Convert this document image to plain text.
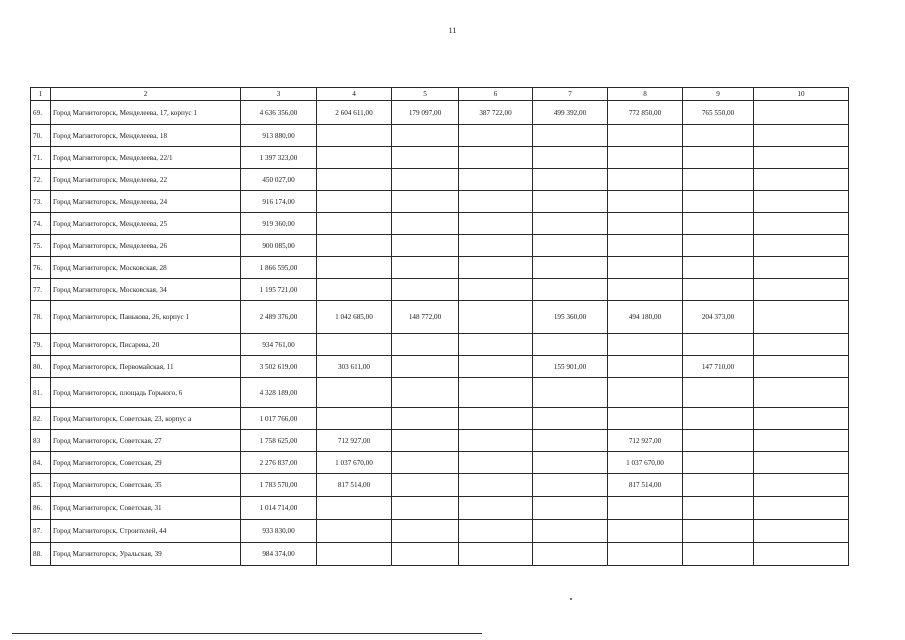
11
1	2	3	4	5	6	7	8	9	10
69.	Город Магнитогорск, Менделеева, 17, корпус 1	4 636 356,00	2 604 611,00	179 097,00	387 722,00	499 392,00	772 850,00	765 550,00	
70.	Город Магнитогорск, Менделеева, 18	913 880,00							
71.	Город Магнитогорск, Менделеева, 22/1	1 397 323,00							
72.	Город Магнитогорск, Менделеева, 22	450 027,00							
73.	Город Магнитогорск, Менделеева, 24	916 174,00							
74.	Город Магнитогорск, Менделеева, 25	919 360,00							
75.	Город Магнитогорск, Менделеева, 26	900 085,00							
76.	Город Магнитогорск, Московская, 28	1 866 595,00							
77.	Город Магнитогорск, Московская, 34	1 195 721,00							
78.	Город Магнитогорск, Панькова, 26, корпус 1	2 489 376,00	1 042 685,00	148 772,00		195 360,00	494 180,00	204 373,00	
79.	Город Магнитогорск, Писарева, 20	934 761,00							
80.	Город Магнитогорск, Первомайская, 11	3 502 619,00	303 611,00			155 901,00		147 710,00	
81.	Город Магнитогорск, площадь Горького, 6	4 328 189,00							
82.	Город Магнитогорск, Советская, 23, корпус а	1 017 766,00							
83	Город Магнитогорск, Советская, 27	1 758 625,00	712 927,00				712 927,00		
84.	Город Магнитогорск, Советская, 29	2 276 837,00	1 037 670,00				1 037 670,00		
85.	Город Магнитогорск, Советская, 35	1 783 570,00	817 514,00				817 514,00		
86.	Город Магнитогорск, Советская, 31	1 014 714,00							
87.	Город Магнитогорск, Строителей, 44	933 830,00							
88.	Город Магнитогорск, Уральская, 39	984 374,00							
